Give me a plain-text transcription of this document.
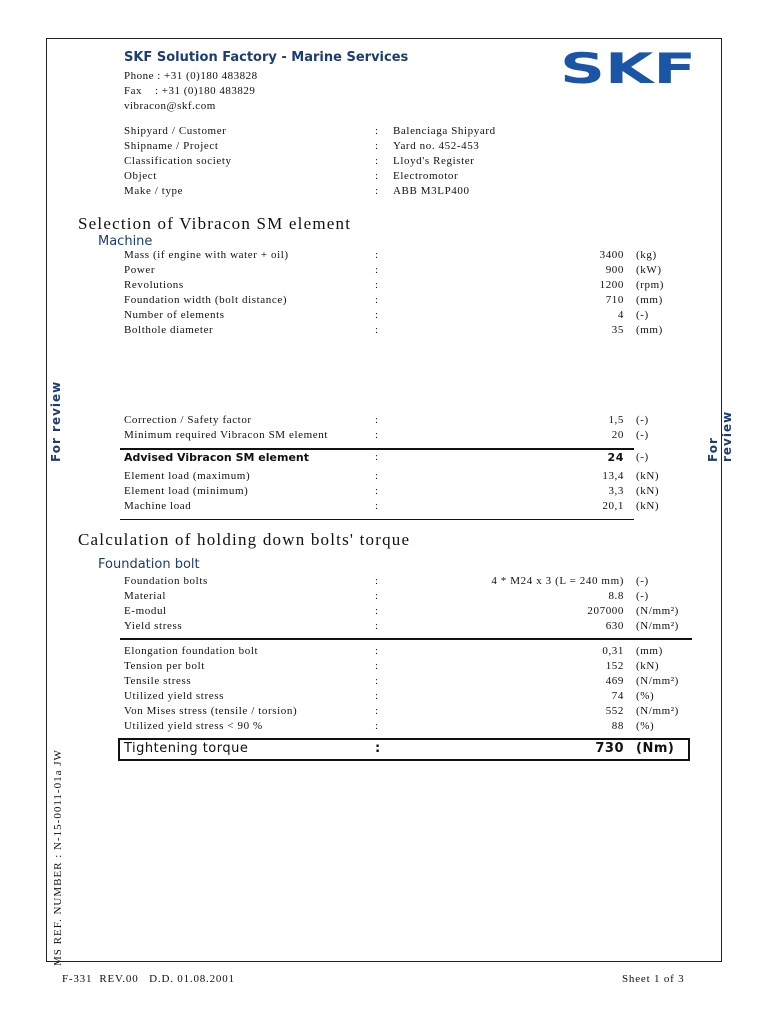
SKF Solution Factory - Marine Services
Phone : +31 (0)180 483828
Fax    : +31 (0)180 483829
vibracon@skf.com
SKF
Shipyard / Customer	: Balenciaga Shipyard
Shipname / Project	: Yard no. 452-453
Classification society	: Lloyd's Register
Object	: Electromotor
Make / type	: ABB M3LP400
Selection of Vibracon SM element
Machine
Mass (if engine with water + oil)	:	3400 (kg)
Power	:	900 (kW)
Revolutions	:	1200 (rpm)
Foundation width (bolt distance)	:	710 (mm)
Number of elements	:	4 (-)
Bolthole diameter	:	35 (mm)
Correction / Safety factor	:	1,5 (-)
Minimum required Vibracon SM element	:	20 (-)
Advised Vibracon SM element	:	24 (-)
Element load (maximum)	:	13,4 (kN)
Element load (minimum)	:	3,3 (kN)
Machine load	:	20,1 (kN)
Calculation of holding down bolts' torque
Foundation bolt
Foundation bolts	:	4 * M24 x 3 (L = 240 mm) (-)
Material	:	8.8 (-)
E-modul	:	207000 (N/mm²)
Yield stress	:	630 (N/mm²)
Elongation foundation bolt	:	0,31 (mm)
Tension per bolt	:	152 (kN)
Tensile stress	:	469 (N/mm²)
Utilized yield stress	:	74 (%)
Von Mises stress (tensile / torsion)	:	552 (N/mm²)
Utilized yield stress < 90 %	:	88 (%)
Tightening torque	:	730 (Nm)
For review	For review
MS REF. NUMBER : N-15-0011-01a JW
F-331  REV.00   D.D. 01.08.2001	Sheet 1 of 3
